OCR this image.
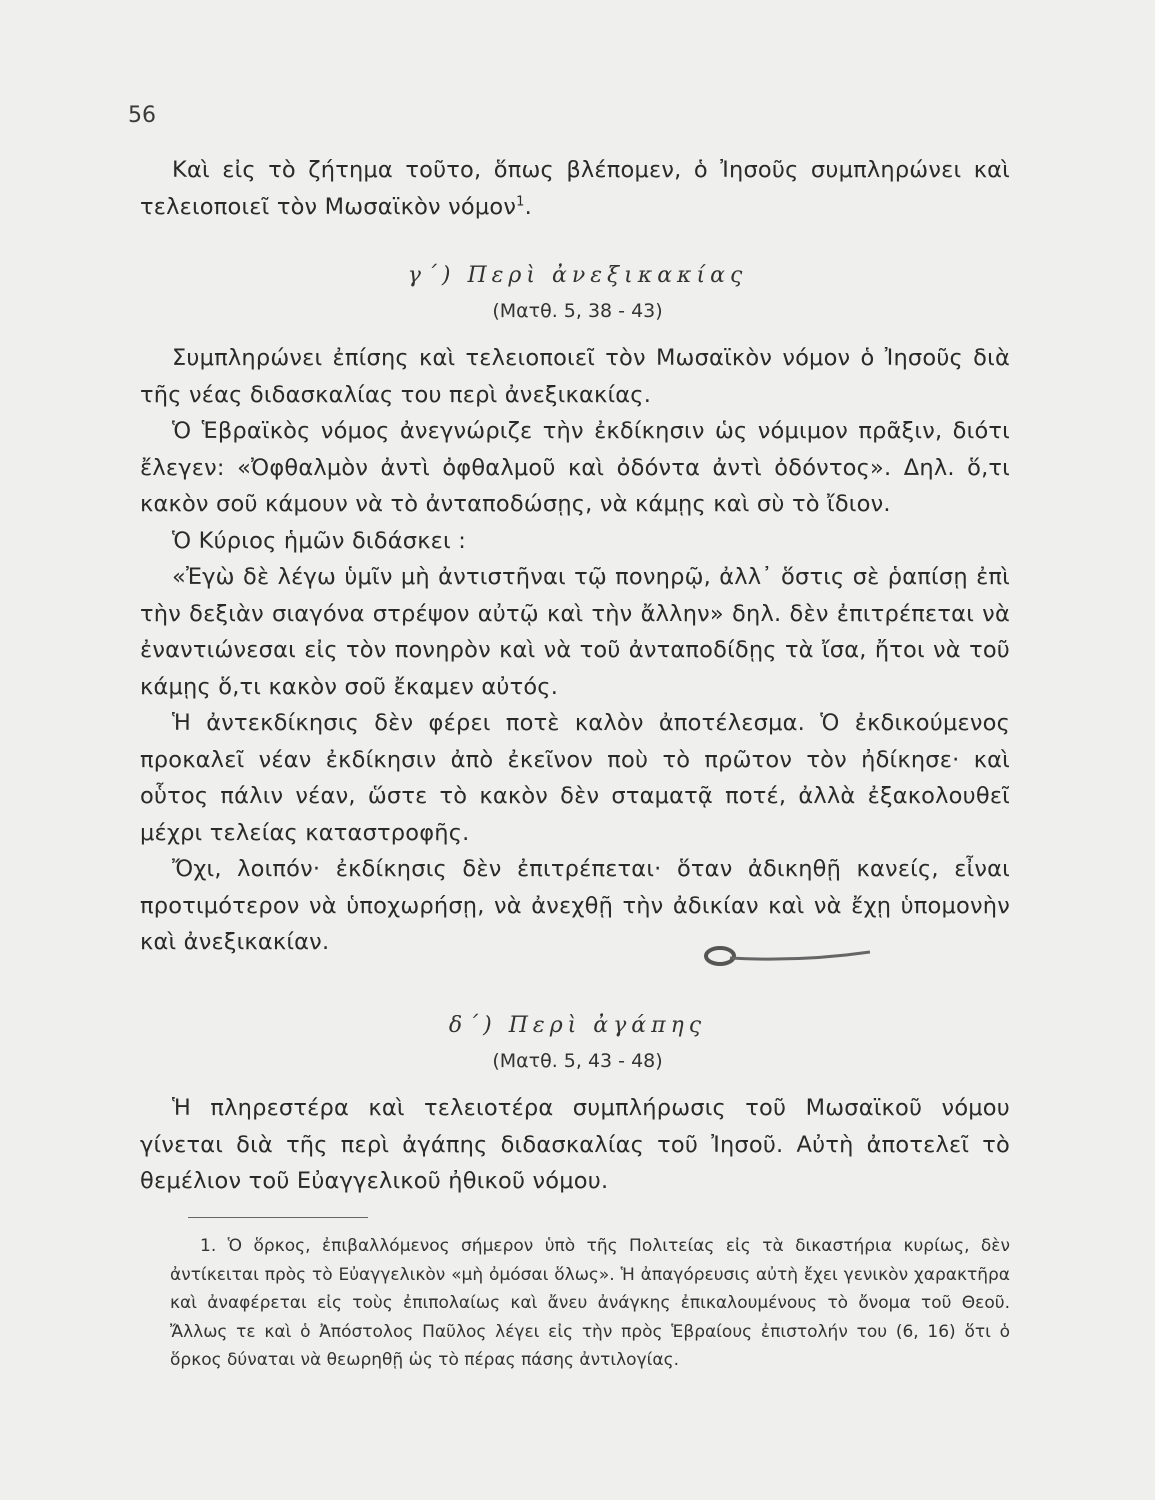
56

Καὶ εἰς τὸ ζήτημα τοῦτο, ὅπως βλέπομεν, ὁ Ἰησοῦς συμπληρώνει καὶ τελειοποιεῖ τὸν Μωσαϊκὸν νόμον$^1$.

γ΄) Περὶ ἀνεξικακίας
(Ματθ. 5, 38 - 43)

Συμπληρώνει ἐπίσης καὶ τελειοποιεῖ τὸν Μωσαϊκὸν νόμον ὁ Ἰησοῦς διὰ τῆς νέας διδασκαλίας του περὶ ἀνεξικακίας.

Ὁ Ἑβραϊκὸς νόμος ἀνεγνώριζε τὴν ἐκδίκησιν ὡς νόμιμον πρᾶξιν, διότι ἔλεγεν: «Ὀφθαλμὸν ἀντὶ ὀφθαλμοῦ καὶ ὀδόντα ἀντὶ ὀδόντος». Δηλ. ὅ,τι κακὸν σοῦ κάμουν νὰ τὸ ἀνταποδώσῃς, νὰ κάμῃς καὶ σὺ τὸ ἴδιον.

Ὁ Κύριος ἡμῶν διδάσκει :

«Ἐγὼ δὲ λέγω ὑμῖν μὴ ἀντιστῆναι τῷ πονηρῷ, ἀλλ᾿ ὅστις σὲ ῥαπίσῃ ἐπὶ τὴν δεξιὰν σιαγόνα στρέψον αὐτῷ καὶ τὴν ἄλλην» δηλ. δὲν ἐπιτρέπεται νὰ ἐναντιώνεσαι εἰς τὸν πονηρὸν καὶ νὰ τοῦ ἀνταποδίδῃς τὰ ἴσα, ἤτοι νὰ τοῦ κάμῃς ὅ,τι κακὸν σοῦ ἔκαμεν αὐτός.

Ἡ ἀντεκδίκησις δὲν φέρει ποτὲ καλὸν ἀποτέλεσμα. Ὁ ἐκδικούμενος προκαλεῖ νέαν ἐκδίκησιν ἀπὸ ἐκεῖνον ποὺ τὸ πρῶτον τὸν ἠδίκησε· καὶ οὗτος πάλιν νέαν, ὥστε τὸ κακὸν δὲν σταματᾷ ποτέ, ἀλλὰ ἐξακολουθεῖ μέχρι τελείας καταστροφῆς.

Ὄχι, λοιπόν· ἐκδίκησις δὲν ἐπιτρέπεται· ὅταν ἀδικηθῇ κανείς, εἶναι προτιμότερον νὰ ὑποχωρήσῃ, νὰ ἀνεχθῇ τὴν ἀδικίαν καὶ νὰ ἔχῃ ὑπομονὴν καὶ ἀνεξικακίαν.

δ΄) Περὶ ἀγάπης
(Ματθ. 5, 43 - 48)

Ἡ πληρεστέρα καὶ τελειοτέρα συμπλήρωσις τοῦ Μωσαϊκοῦ νόμου γίνεται διὰ τῆς περὶ ἀγάπης διδασκαλίας τοῦ Ἰησοῦ. Αὐτὴ ἀποτελεῖ τὸ θεμέλιον τοῦ Εὐαγγελικοῦ ἠθικοῦ νόμου.

1. Ὁ ὅρκος, ἐπιβαλλόμενος σήμερον ὑπὸ τῆς Πολιτείας εἰς τὰ δικαστήρια κυρίως, δὲν ἀντίκειται πρὸς τὸ Εὐαγγελικὸν «μὴ ὀμόσαι ὅλως». Ἡ ἀπαγόρευσις αὐτὴ ἔχει γενικὸν χαρακτῆρα καὶ ἀναφέρεται εἰς τοὺς ἐπιπολαίως καὶ ἄνευ ἀνάγκης ἐπικαλουμένους τὸ ὄνομα τοῦ Θεοῦ. Ἄλλως τε καὶ ὁ Ἀπόστολος Παῦλος λέγει εἰς τὴν πρὸς Ἑβραίους ἐπιστολήν του (6, 16) ὅτι ὁ ὅρκος δύναται νὰ θεωρηθῇ ὡς τὸ πέρας πάσης ἀντιλογίας.
